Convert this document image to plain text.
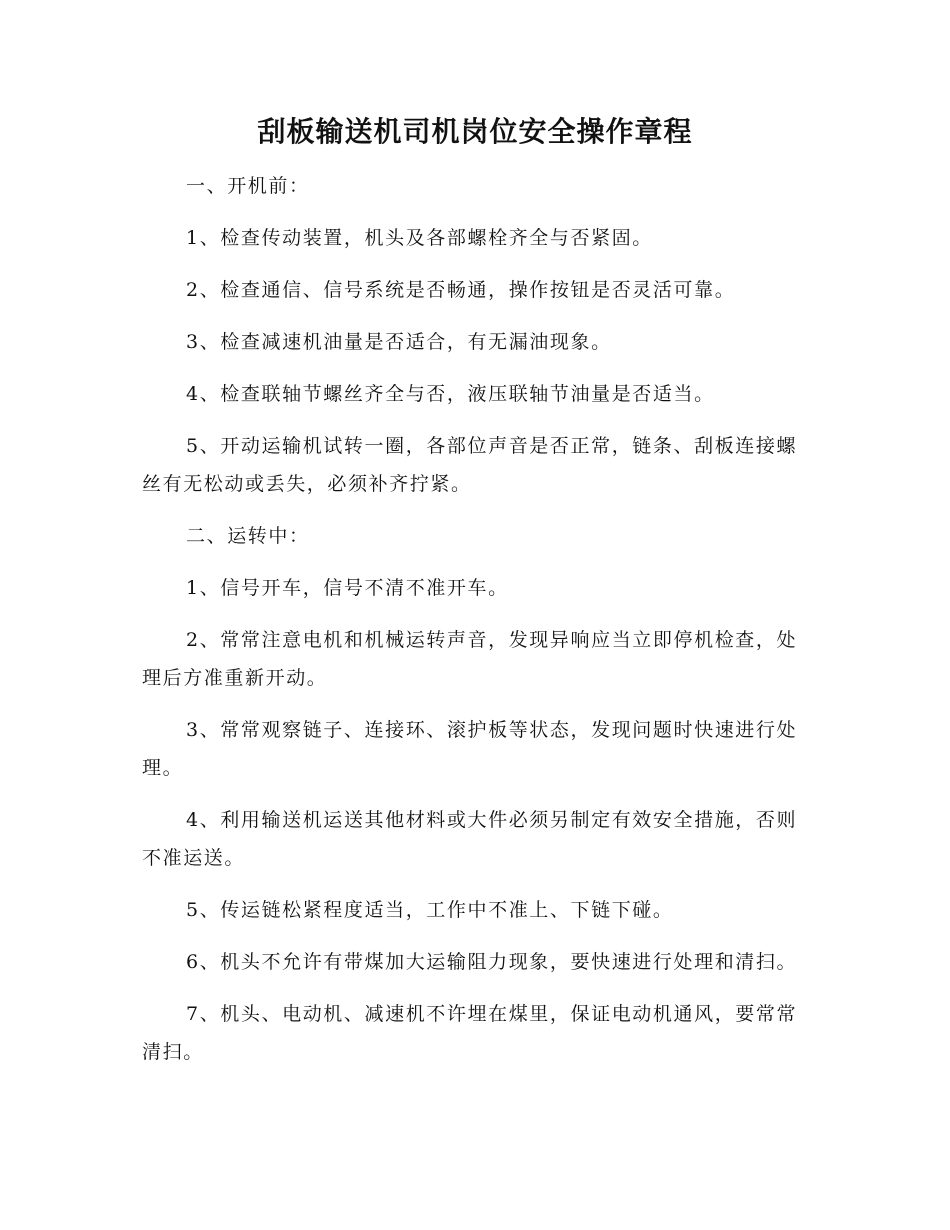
刮板输送机司机岗位安全操作章程

一、开机前：

1、检查传动装置，机头及各部螺栓齐全与否紧固。

2、检查通信、信号系统是否畅通，操作按钮是否灵活可靠。

3、检查减速机油量是否适合，有无漏油现象。

4、检查联轴节螺丝齐全与否，液压联轴节油量是否适当。

5、开动运输机试转一圈，各部位声音是否正常，链条、刮板连接螺丝有无松动或丢失，必须补齐拧紧。

二、运转中：

1、信号开车，信号不清不准开车。

2、常常注意电机和机械运转声音，发现异响应当立即停机检查，处理后方准重新开动。

3、常常观察链子、连接环、滚护板等状态，发现问题时快速进行处理。

4、利用输送机运送其他材料或大件必须另制定有效安全措施，否则不准运送。

5、传运链松紧程度适当，工作中不准上、下链下碰。

6、机头不允许有带煤加大运输阻力现象，要快速进行处理和清扫。

7、机头、电动机、减速机不许埋在煤里，保证电动机通风，要常常清扫。
